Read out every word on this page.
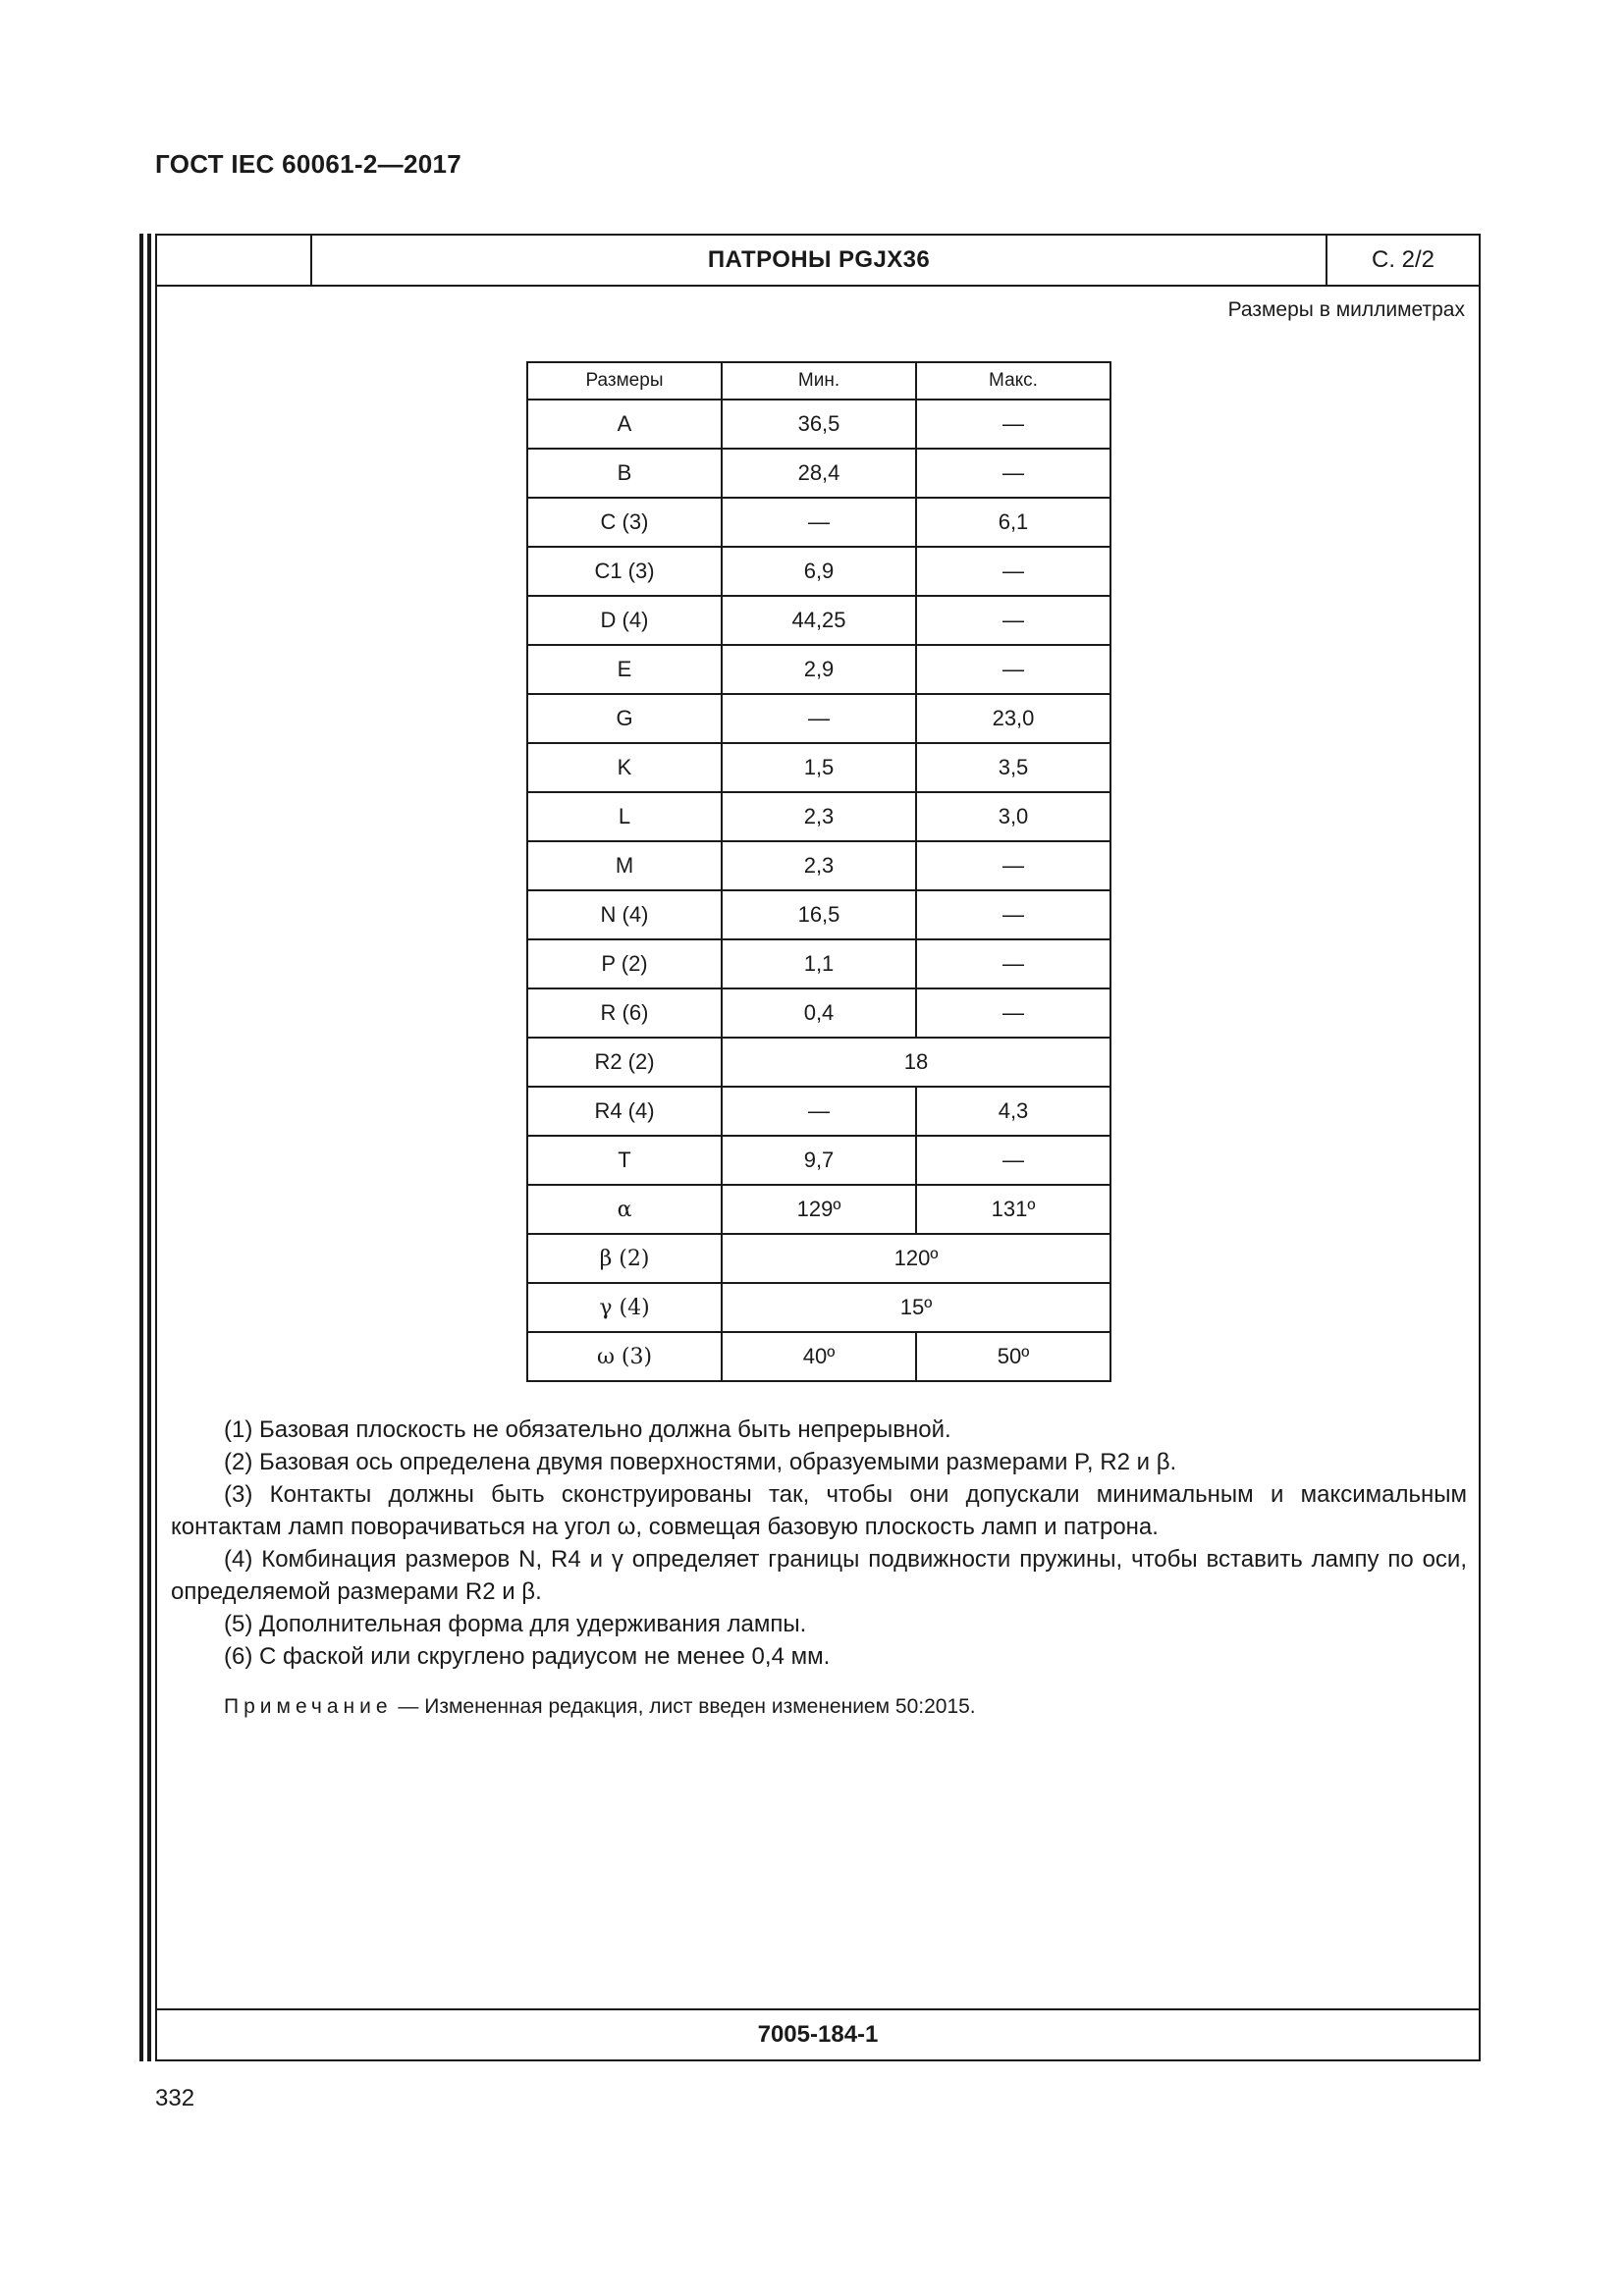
ГОСТ IEC 60061-2—2017
ПАТРОНЫ PGJX36	С. 2/2
Размеры в миллиметрах
Размеры	Мин.	Макс.
A	36,5	—
B	28,4	—
C (3)	—	6,1
C1 (3)	6,9	—
D (4)	44,25	—
E	2,9	—
G	—	23,0
K	1,5	3,5
L	2,3	3,0
M	2,3	—
N (4)	16,5	—
P (2)	1,1	—
R (6)	0,4	—
R2 (2)	18	
R4 (4)	—	4,3
T	9,7	—
α	129º	131º
β (2)	120º	
γ (4)	15º	
ω (3)	40º	50º

(1) Базовая плоскость не обязательно должна быть непрерывной.

(2) Базовая ось определена двумя поверхностями, образуемыми размерами P, R2 и β.

(3) Контакты должны быть сконструированы так, чтобы они допускали минимальным и максимальным контактам ламп поворачиваться на угол ω, совмещая базовую плоскость ламп и патрона.

(4) Комбинация размеров N, R4 и γ определяет границы подвижности пружины, чтобы вставить лампу по оси, определяемой размерами R2 и β.

(5) Дополнительная форма для удерживания лампы.

(6) С фаской или скруглено радиусом не менее 0,4 мм.

Примечание — Измененная редакция, лист введен изменением 50:2015.
7005-184-1
332
